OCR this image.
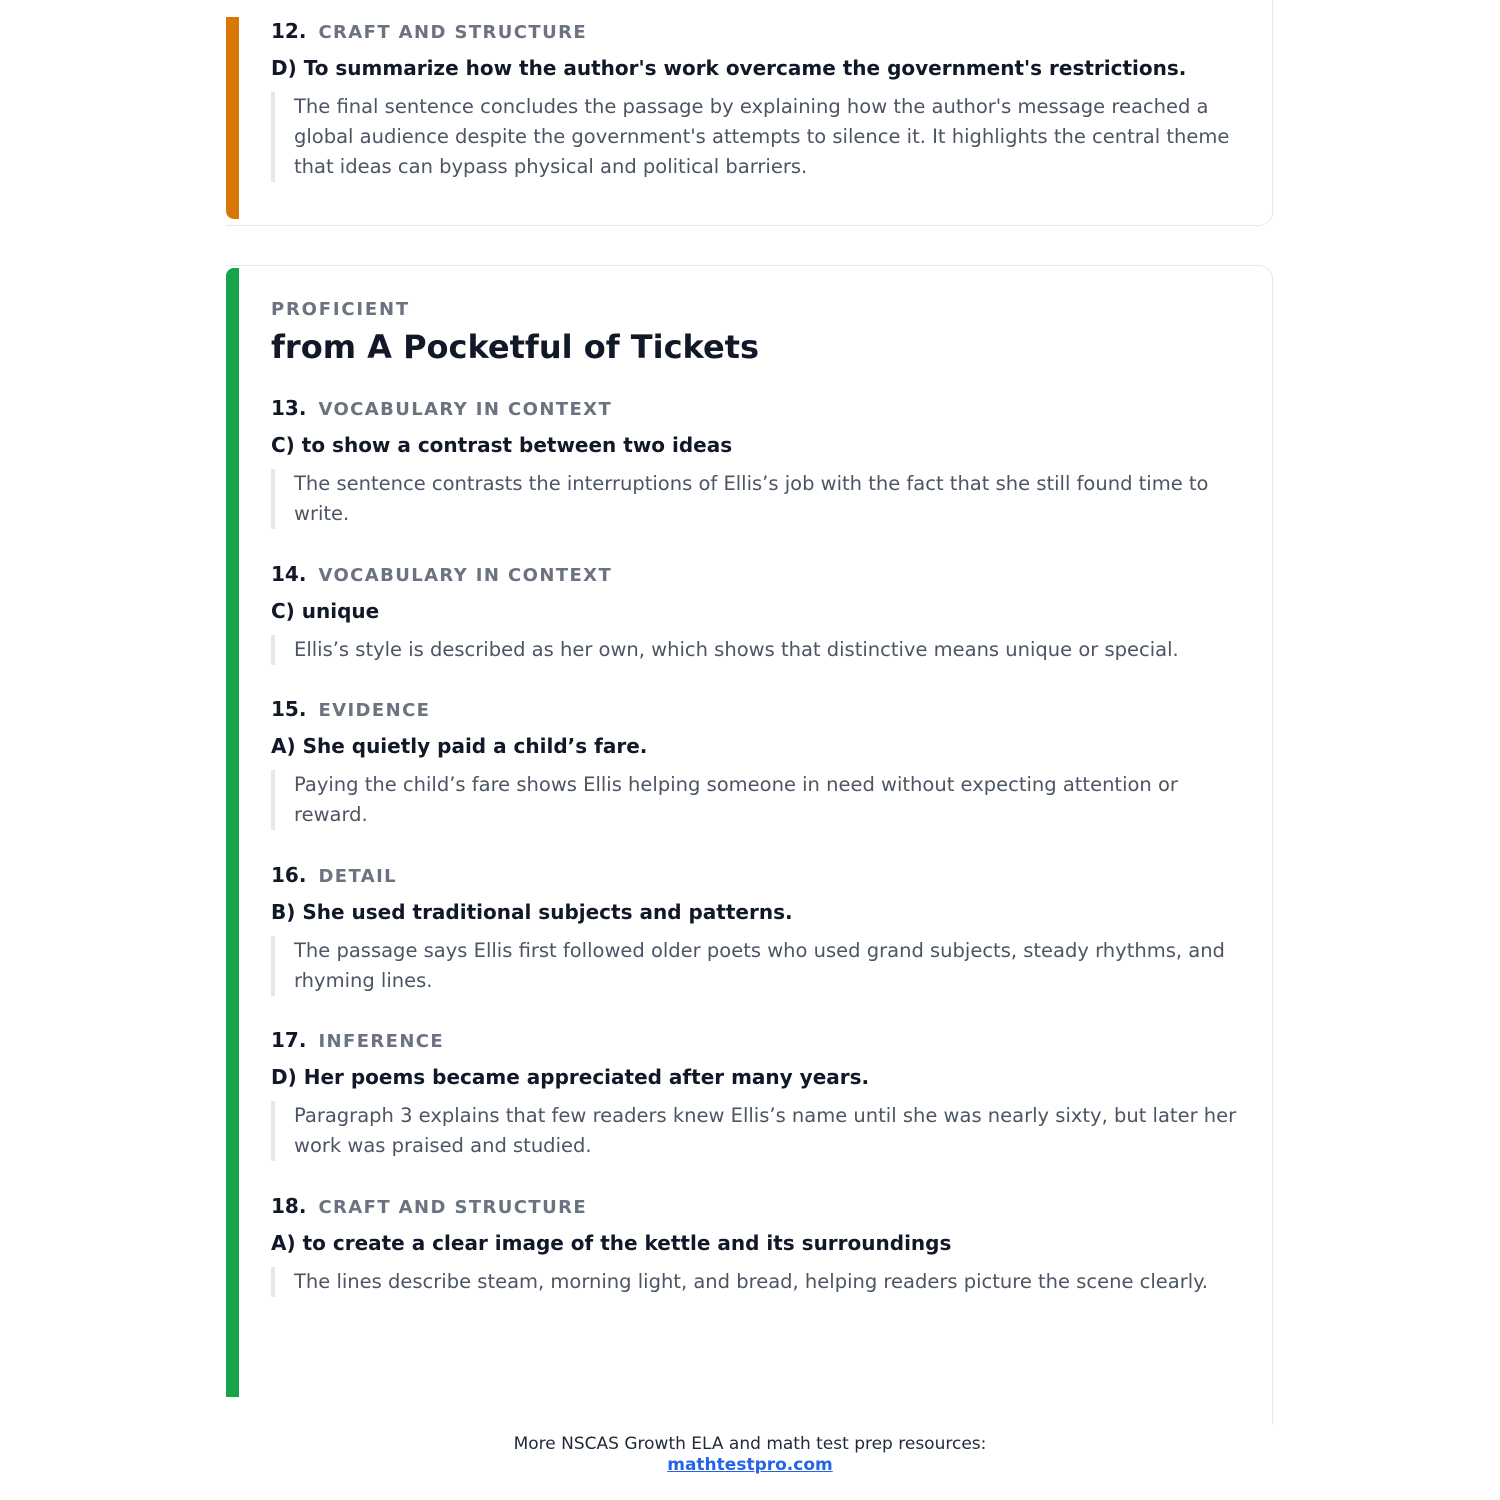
12. CRAFT AND STRUCTURE
D) To summarize how the author's work overcame the government's restrictions.
The final sentence concludes the passage by explaining how the author's message reached a global audience despite the government's attempts to silence it. It highlights the central theme that ideas can bypass physical and political barriers.
PROFICIENT
from A Pocketful of Tickets
13. VOCABULARY IN CONTEXT
C) to show a contrast between two ideas
The sentence contrasts the interruptions of Ellis’s job with the fact that she still found time to write.
14. VOCABULARY IN CONTEXT
C) unique
Ellis’s style is described as her own, which shows that distinctive means unique or special.
15. EVIDENCE
A) She quietly paid a child’s fare.
Paying the child’s fare shows Ellis helping someone in need without expecting attention or reward.
16. DETAIL
B) She used traditional subjects and patterns.
The passage says Ellis first followed older poets who used grand subjects, steady rhythms, and rhyming lines.
17. INFERENCE
D) Her poems became appreciated after many years.
Paragraph 3 explains that few readers knew Ellis’s name until she was nearly sixty, but later her work was praised and studied.
18. CRAFT AND STRUCTURE
A) to create a clear image of the kettle and its surroundings
The lines describe steam, morning light, and bread, helping readers picture the scene clearly.
More NSCAS Growth ELA and math test prep resources:
mathtestpro.com
